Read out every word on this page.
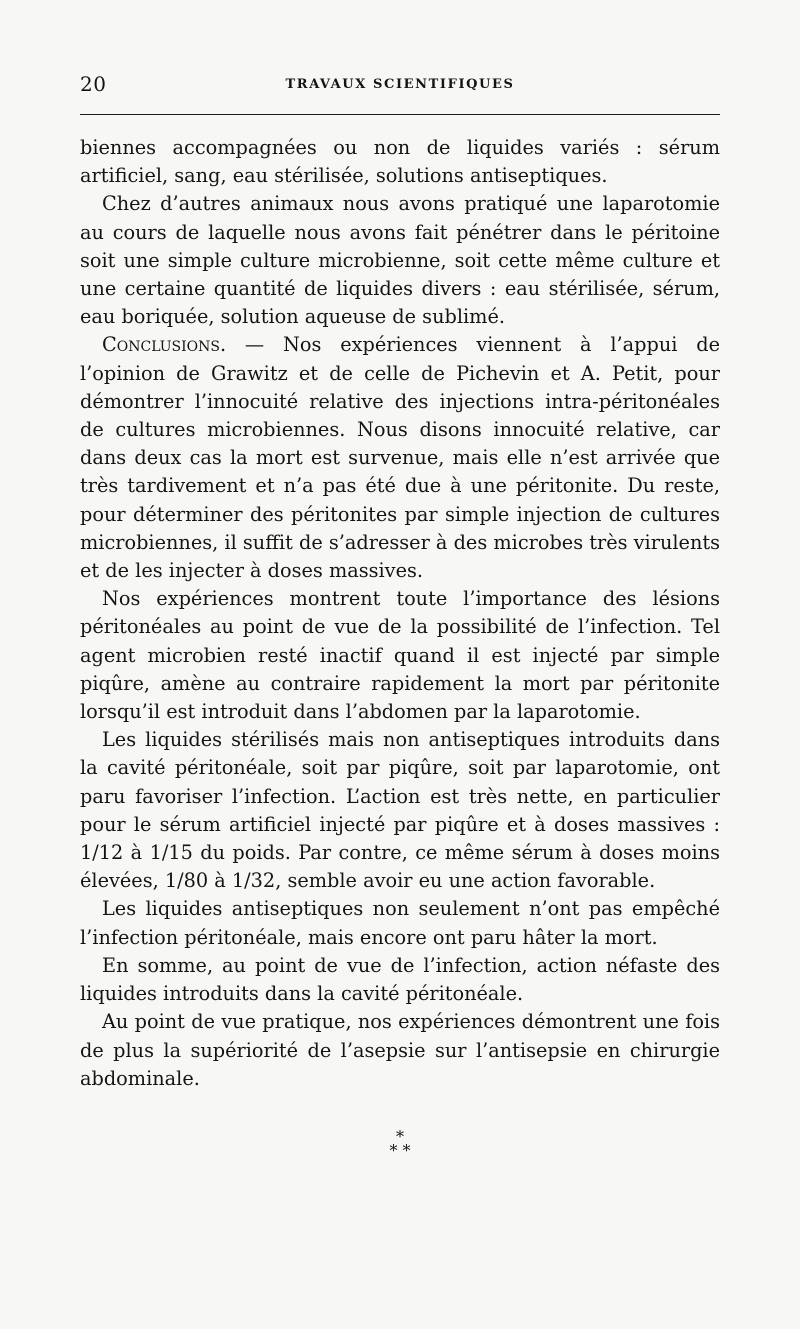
20	TRAVAUX SCIENTIFIQUES

biennes accompagnées ou non de liquides variés : sérum artificiel, sang, eau stérilisée, solutions antiseptiques.

Chez d’autres animaux nous avons pratiqué une laparotomie au cours de laquelle nous avons fait pénétrer dans le péritoine soit une simple culture microbienne, soit cette même culture et une certaine quantité de liquides divers : eau stérilisée, sérum, eau boriquée, solution aqueuse de sublimé.

Conclusions. — Nos expériences viennent à l’appui de l’opinion de Grawitz et de celle de Pichevin et A. Petit, pour démontrer l’innocuité relative des injections intra-péritonéales de cultures microbiennes. Nous disons innocuité relative, car dans deux cas la mort est survenue, mais elle n’est arrivée que très tardivement et n’a pas été due à une péritonite. Du reste, pour déterminer des péritonites par simple injection de cultures microbiennes, il suffit de s’adresser à des microbes très virulents et de les injecter à doses massives.

Nos expériences montrent toute l’importance des lésions péritonéales au point de vue de la possibilité de l’infection. Tel agent microbien resté inactif quand il est injecté par simple piqûre, amène au contraire rapidement la mort par péritonite lorsqu’il est introduit dans l’abdomen par la laparotomie.

Les liquides stérilisés mais non antiseptiques introduits dans la cavité péritonéale, soit par piqûre, soit par laparotomie, ont paru favoriser l’infection. L’action est très nette, en particulier pour le sérum artificiel injecté par piqûre et à doses massives : 1/12 à 1/15 du poids. Par contre, ce même sérum à doses moins élevées, 1/80 à 1/32, semble avoir eu une action favorable.

Les liquides antiseptiques non seulement n’ont pas empêché l’infection péritonéale, mais encore ont paru hâter la mort.

En somme, au point de vue de l’infection, action néfaste des liquides introduits dans la cavité péritonéale.

Au point de vue pratique, nos expériences démontrent une fois de plus la supériorité de l’asepsie sur l’antisepsie en chirurgie abdominale.

*
* *
